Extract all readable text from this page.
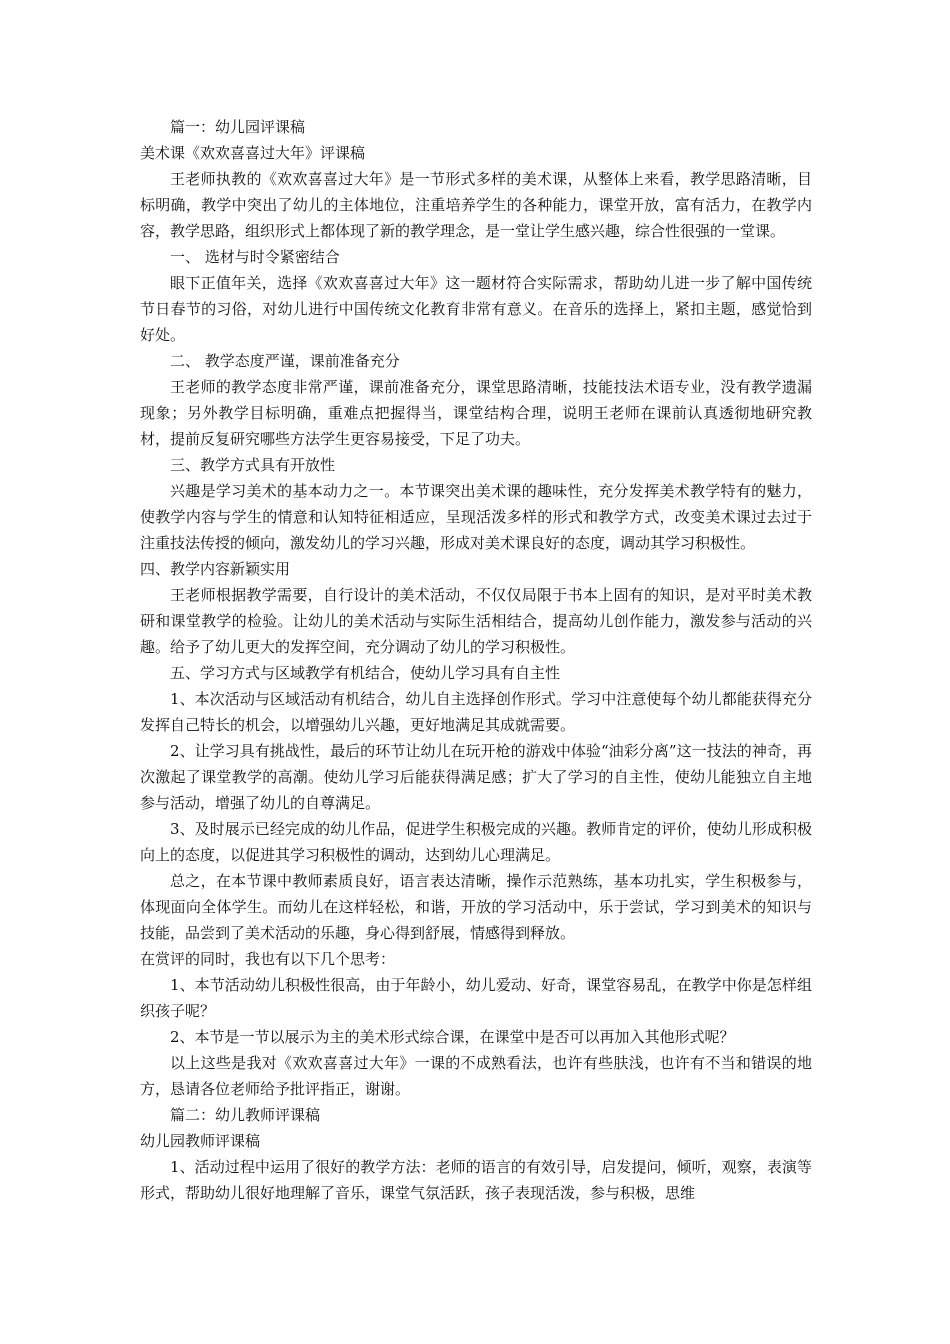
篇一：幼儿园评课稿

美术课《欢欢喜喜过大年》评课稿

王老师执教的《欢欢喜喜过大年》是一节形式多样的美术课，从整体上来看，教学思路清晰，目标明确，教学中突出了幼儿的主体地位，注重培养学生的各种能力，课堂开放，富有活力，在教学内容，教学思路，组织形式上都体现了新的教学理念，是一堂让学生感兴趣，综合性很强的一堂课。

一、 选材与时令紧密结合

眼下正值年关，选择《欢欢喜喜过大年》这一题材符合实际需求，帮助幼儿进一步了解中国传统节日春节的习俗，对幼儿进行中国传统文化教育非常有意义。在音乐的选择上，紧扣主题，感觉恰到好处。

二、 教学态度严谨，课前准备充分

王老师的教学态度非常严谨，课前准备充分，课堂思路清晰，技能技法术语专业，没有教学遗漏现象；另外教学目标明确，重难点把握得当，课堂结构合理，说明王老师在课前认真透彻地研究教材，提前反复研究哪些方法学生更容易接受，下足了功夫。

三、教学方式具有开放性

兴趣是学习美术的基本动力之一。本节课突出美术课的趣味性，充分发挥美术教学特有的魅力，使教学内容与学生的情意和认知特征相适应，呈现活泼多样的形式和教学方式，改变美术课过去过于注重技法传授的倾向，激发幼儿的学习兴趣，形成对美术课良好的态度，调动其学习积极性。

四、教学内容新颖实用

王老师根据教学需要，自行设计的美术活动，不仅仅局限于书本上固有的知识，是对平时美术教研和课堂教学的检验。让幼儿的美术活动与实际生活相结合，提高幼儿创作能力，激发参与活动的兴趣。给予了幼儿更大的发挥空间，充分调动了幼儿的学习积极性。

五、学习方式与区域教学有机结合，使幼儿学习具有自主性

1、本次活动与区域活动有机结合，幼儿自主选择创作形式。学习中注意使每个幼儿都能获得充分发挥自己特长的机会，以增强幼儿兴趣，更好地满足其成就需要。

2、让学习具有挑战性，最后的环节让幼儿在玩开枪的游戏中体验“油彩分离”这一技法的神奇，再次激起了课堂教学的高潮。使幼儿学习后能获得满足感；扩大了学习的自主性，使幼儿能独立自主地参与活动，增强了幼儿的自尊满足。

3、及时展示已经完成的幼儿作品，促进学生积极完成的兴趣。教师肯定的评价，使幼儿形成积极向上的态度，以促进其学习积极性的调动，达到幼儿心理满足。

总之，在本节课中教师素质良好，语言表达清晰，操作示范熟练，基本功扎实，学生积极参与，体现面向全体学生。而幼儿在这样轻松，和谐，开放的学习活动中，乐于尝试，学习到美术的知识与技能，品尝到了美术活动的乐趣，身心得到舒展，情感得到释放。

在赏评的同时，我也有以下几个思考：

1、本节活动幼儿积极性很高，由于年龄小，幼儿爱动、好奇，课堂容易乱，在教学中你是怎样组织孩子呢？

2、本节是一节以展示为主的美术形式综合课，在课堂中是否可以再加入其他形式呢？

以上这些是我对《欢欢喜喜过大年》一课的不成熟看法，也许有些肤浅，也许有不当和错误的地方，恳请各位老师给予批评指正，谢谢。

篇二：幼儿教师评课稿

幼儿园教师评课稿

1、活动过程中运用了很好的教学方法：老师的语言的有效引导，启发提问，倾听，观察，表演等形式，帮助幼儿很好地理解了音乐，课堂气氛活跃，孩子表现活泼，参与积极，思维
